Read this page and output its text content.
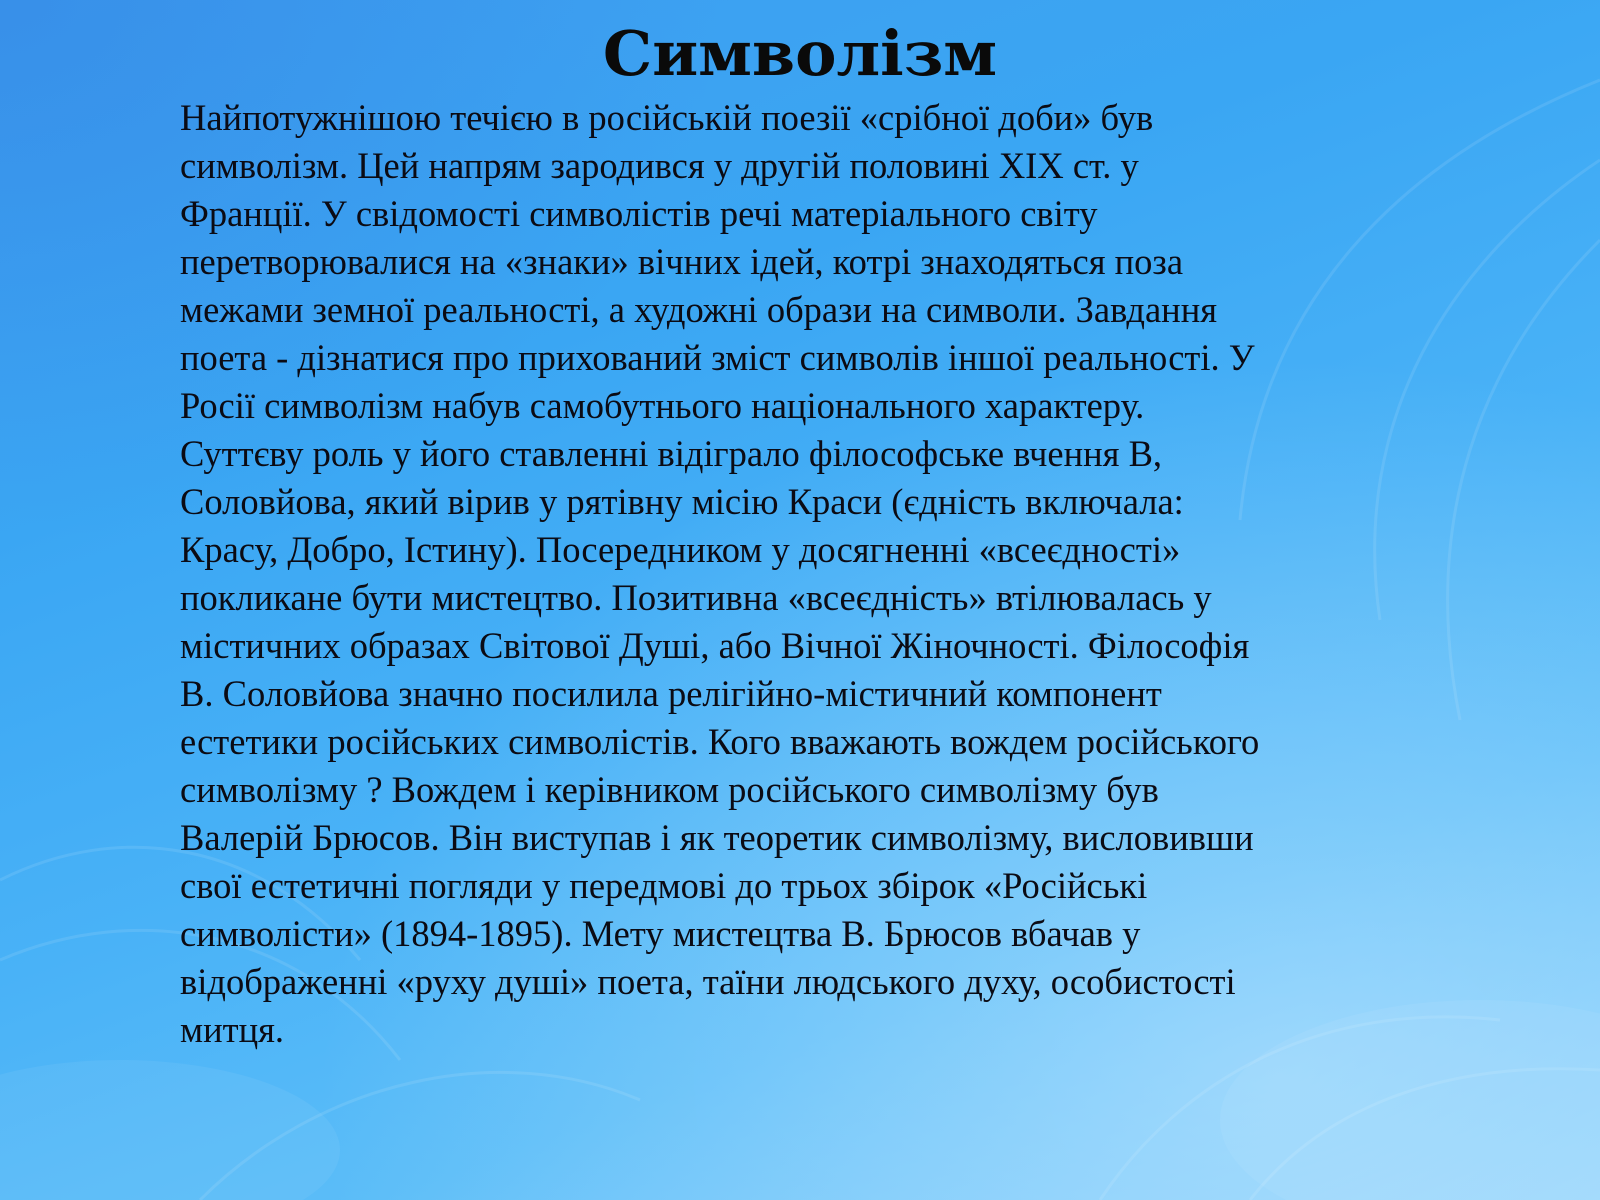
Символізм

Найпотужнішою течією в російській поезії «срібної доби» був
символізм. Цей напрям зародився у другій половині XIX ст. у
Франції. У свідомості символістів речі матеріального світу
перетворювалися на «знаки» вічних ідей, котрі знаходяться поза
межами земної реальності, а художні образи на символи. Завдання
поета - дізнатися про прихований зміст символів іншої реальності. У
Росії символізм набув самобутнього національного характеру.
Суттєву роль у його ставленні відіграло філософське вчення В,
Соловйова, який вірив у рятівну місію Краси (єдність включала:
Красу, Добро, Істину). Посередником у досягненні «всеєдності»
покликане бути мистецтво. Позитивна «всеєдність» втілювалась у
містичних образах Світової Душі, або Вічної Жіночності. Філософія
В. Соловйова значно посилила релігійно-містичний компонент
естетики російських символістів. Кого вважають вождем російського
символізму ? Вождем і керівником російського символізму був
Валерій Брюсов. Він виступав і як теоретик символізму, висловивши
свої естетичні погляди у передмові до трьох збірок «Російські
символісти» (1894-1895). Мету мистецтва В. Брюсов вбачав у
відображенні «руху душі» поета, таїни людського духу, особистості
митця.
